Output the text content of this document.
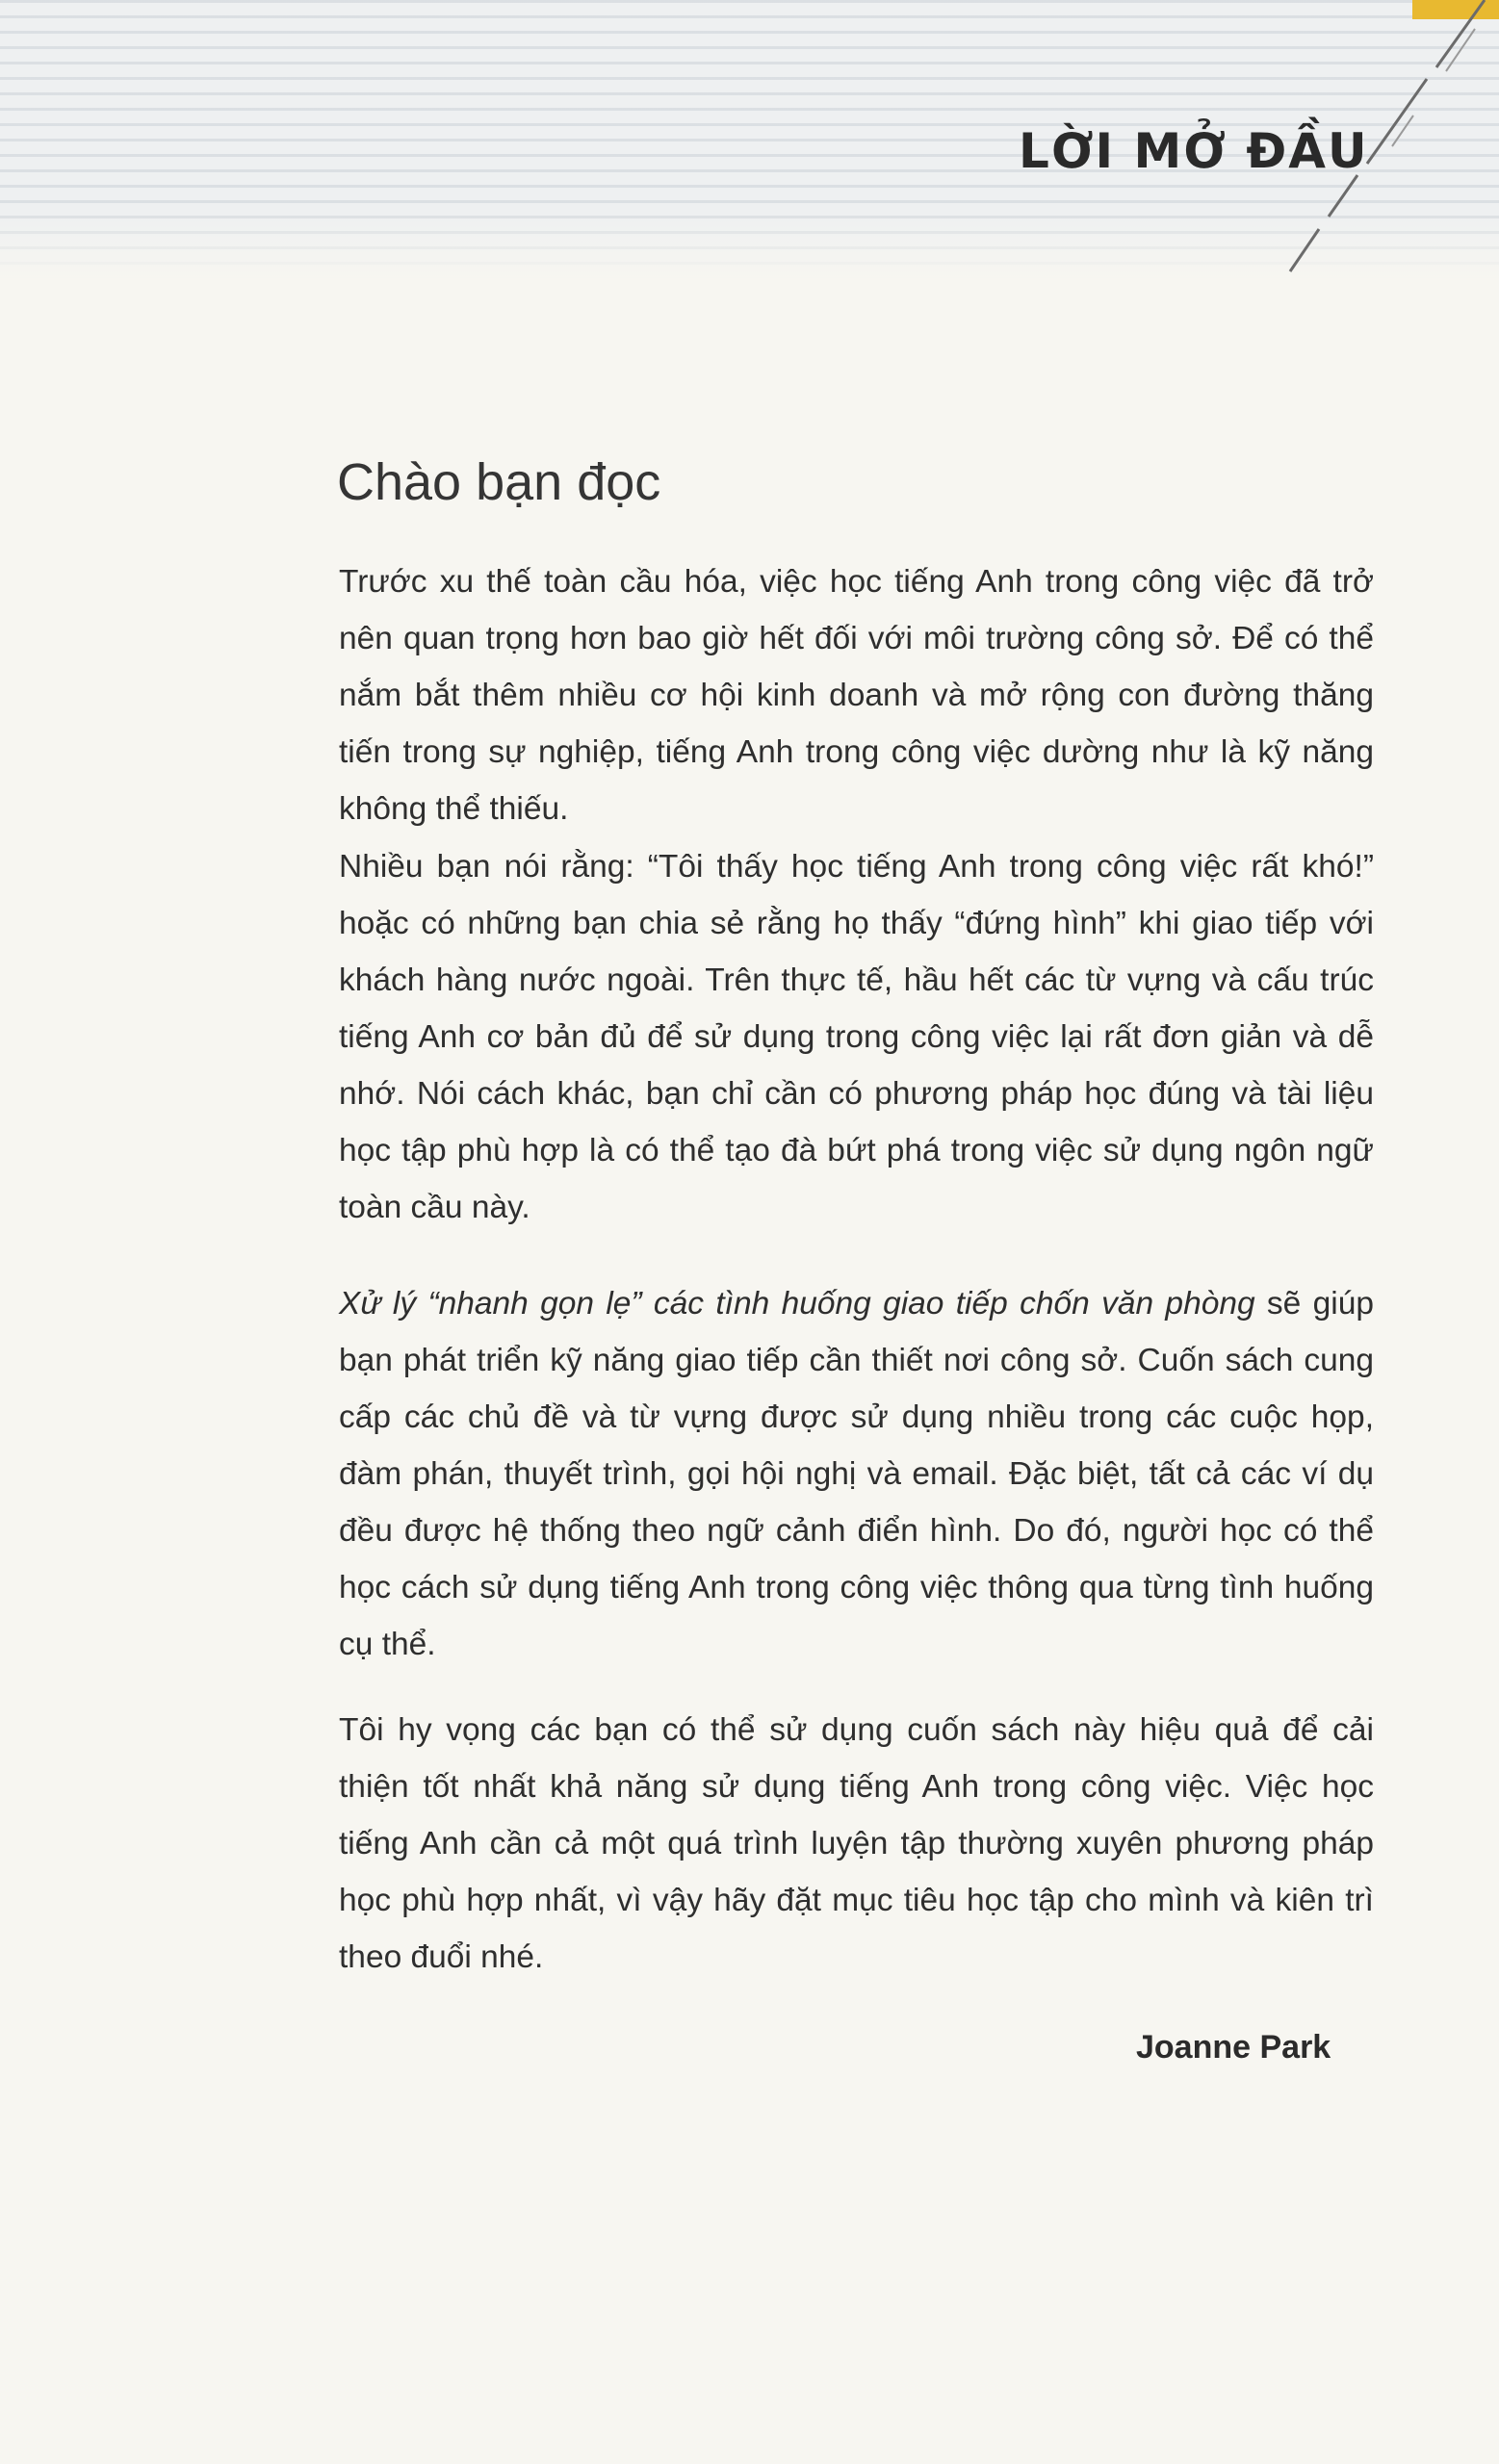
LỜI MỞ ĐẦU
Chào bạn đọc

Trước xu thế toàn cầu hóa, việc học tiếng Anh trong công việc đã trở nên quan trọng hơn bao giờ hết đối với môi trường công sở. Để có thể nắm bắt thêm nhiều cơ hội kinh doanh và mở rộng con đường thăng tiến trong sự nghiệp, tiếng Anh trong công việc dường như là kỹ năng không thể thiếu.

Nhiều bạn nói rằng: “Tôi thấy học tiếng Anh trong công việc rất khó!” hoặc có những bạn chia sẻ rằng họ thấy “đứng hình” khi giao tiếp với khách hàng nước ngoài. Trên thực tế, hầu hết các từ vựng và cấu trúc tiếng Anh cơ bản đủ để sử dụng trong công việc lại rất đơn giản và dễ nhớ. Nói cách khác, bạn chỉ cần có phương pháp học đúng và tài liệu học tập phù hợp là có thể tạo đà bứt phá trong việc sử dụng ngôn ngữ toàn cầu này.

Xử lý “nhanh gọn lẹ” các tình huống giao tiếp chốn văn phòng sẽ giúp bạn phát triển kỹ năng giao tiếp cần thiết nơi công sở. Cuốn sách cung cấp các chủ đề và từ vựng được sử dụng nhiều trong các cuộc họp, đàm phán, thuyết trình, gọi hội nghị và email. Đặc biệt, tất cả các ví dụ đều được hệ thống theo ngữ cảnh điển hình. Do đó, người học có thể học cách sử dụng tiếng Anh trong công việc thông qua từng tình huống cụ thể.

Tôi hy vọng các bạn có thể sử dụng cuốn sách này hiệu quả để cải thiện tốt nhất khả năng sử dụng tiếng Anh trong công việc. Việc học tiếng Anh cần cả một quá trình luyện tập thường xuyên phương pháp học phù hợp nhất, vì vậy hãy đặt mục tiêu học tập cho mình và kiên trì theo đuổi nhé.

Joanne Park
